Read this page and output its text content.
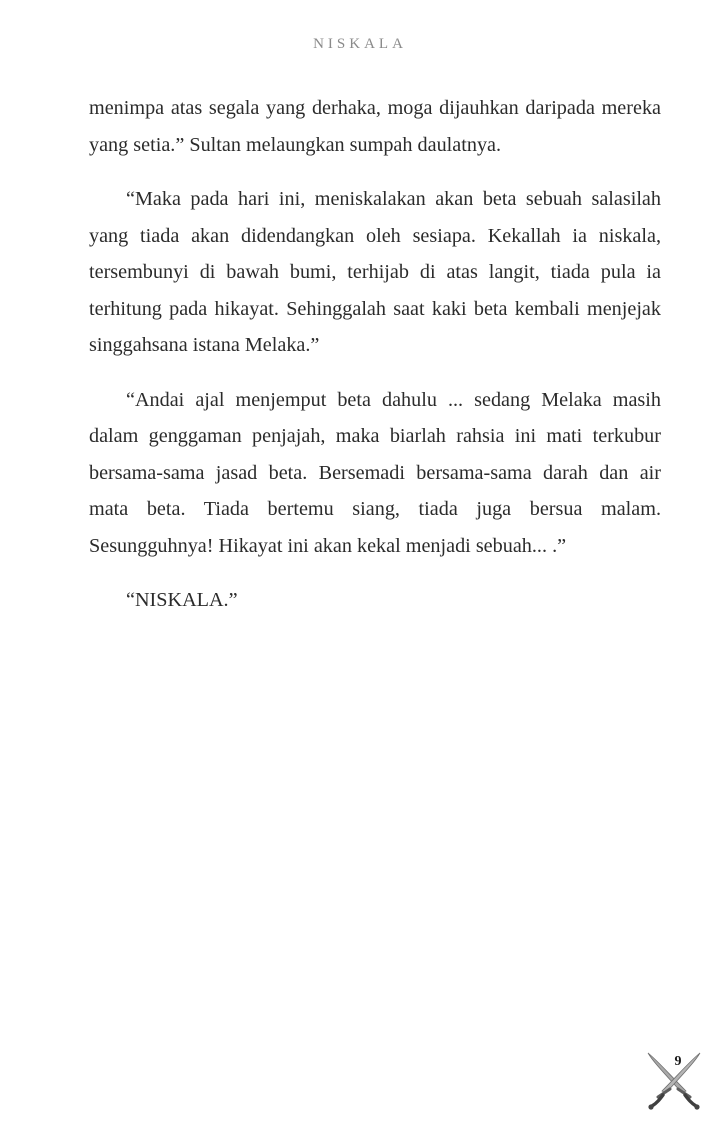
NISKALA

menimpa atas segala yang derhaka, moga dijauhkan daripada mereka yang setia.” Sultan melaungkan sumpah daulatnya.

“Maka pada hari ini, meniskalakan akan beta sebuah salasilah yang tiada akan didendangkan oleh sesiapa. Kekallah ia niskala, tersembunyi di bawah bumi, terhijab di atas langit, tiada pula ia terhitung pada hikayat. Sehinggalah saat kaki beta kembali menjejak singgahsana istana Melaka.”

“Andai ajal menjemput beta dahulu ... sedang Melaka masih dalam genggaman penjajah, maka biarlah rahsia ini mati terkubur bersama-sama jasad beta. Bersemadi bersama-sama darah dan air mata beta. Tiada bertemu siang, tiada juga bersua malam. Sesungguhnya! Hikayat ini akan kekal menjadi sebuah... .”

“NISKALA.”

9
